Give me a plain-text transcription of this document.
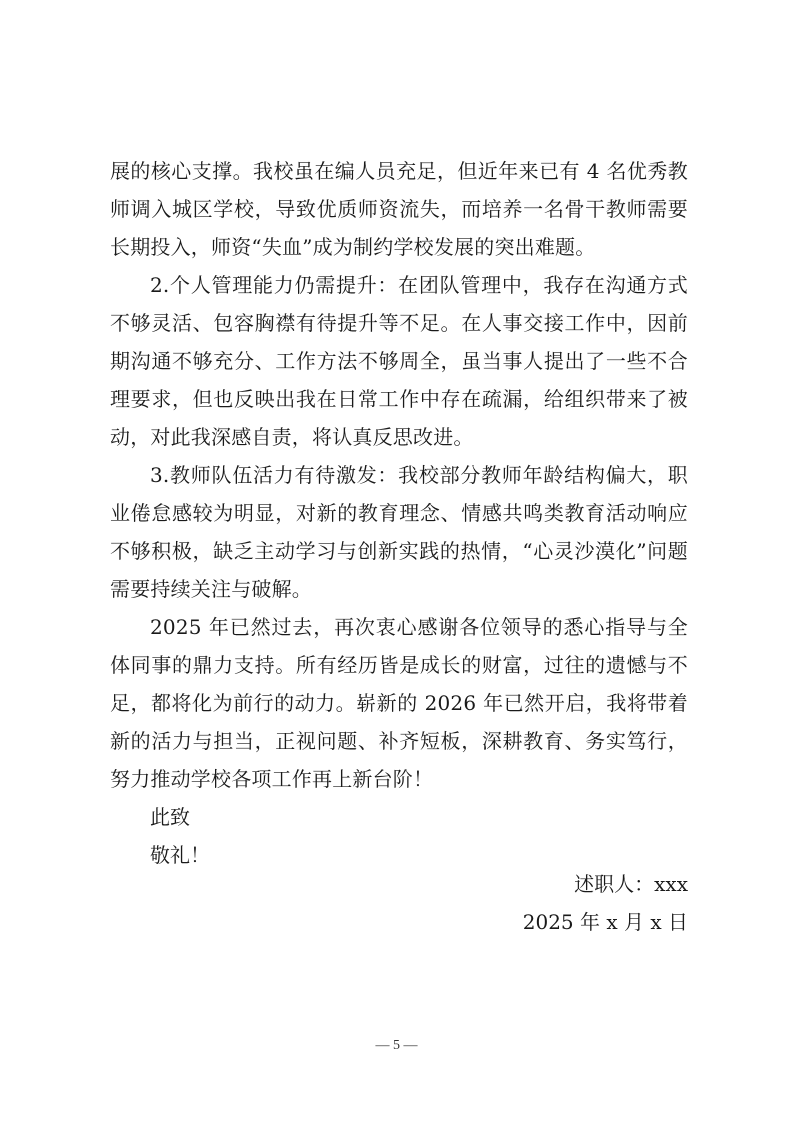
展的核心支撑。我校虽在编人员充足，但近年来已有 4 名优秀教师调入城区学校，导致优质师资流失，而培养一名骨干教师需要长期投入，师资“失血”成为制约学校发展的突出难题。

2.个人管理能力仍需提升：在团队管理中，我存在沟通方式不够灵活、包容胸襟有待提升等不足。在人事交接工作中，因前期沟通不够充分、工作方法不够周全，虽当事人提出了一些不合理要求，但也反映出我在日常工作中存在疏漏，给组织带来了被动，对此我深感自责，将认真反思改进。

3.教师队伍活力有待激发：我校部分教师年龄结构偏大，职业倦怠感较为明显，对新的教育理念、情感共鸣类教育活动响应不够积极，缺乏主动学习与创新实践的热情，“心灵沙漠化”问题需要持续关注与破解。

2025 年已然过去，再次衷心感谢各位领导的悉心指导与全体同事的鼎力支持。所有经历皆是成长的财富，过往的遗憾与不足，都将化为前行的动力。崭新的 2026 年已然开启，我将带着新的活力与担当，正视问题、补齐短板，深耕教育、务实笃行，努力推动学校各项工作再上新台阶！

此致

敬礼！

述职人：xxx
2025 年 x 月 x 日
— 5 —
